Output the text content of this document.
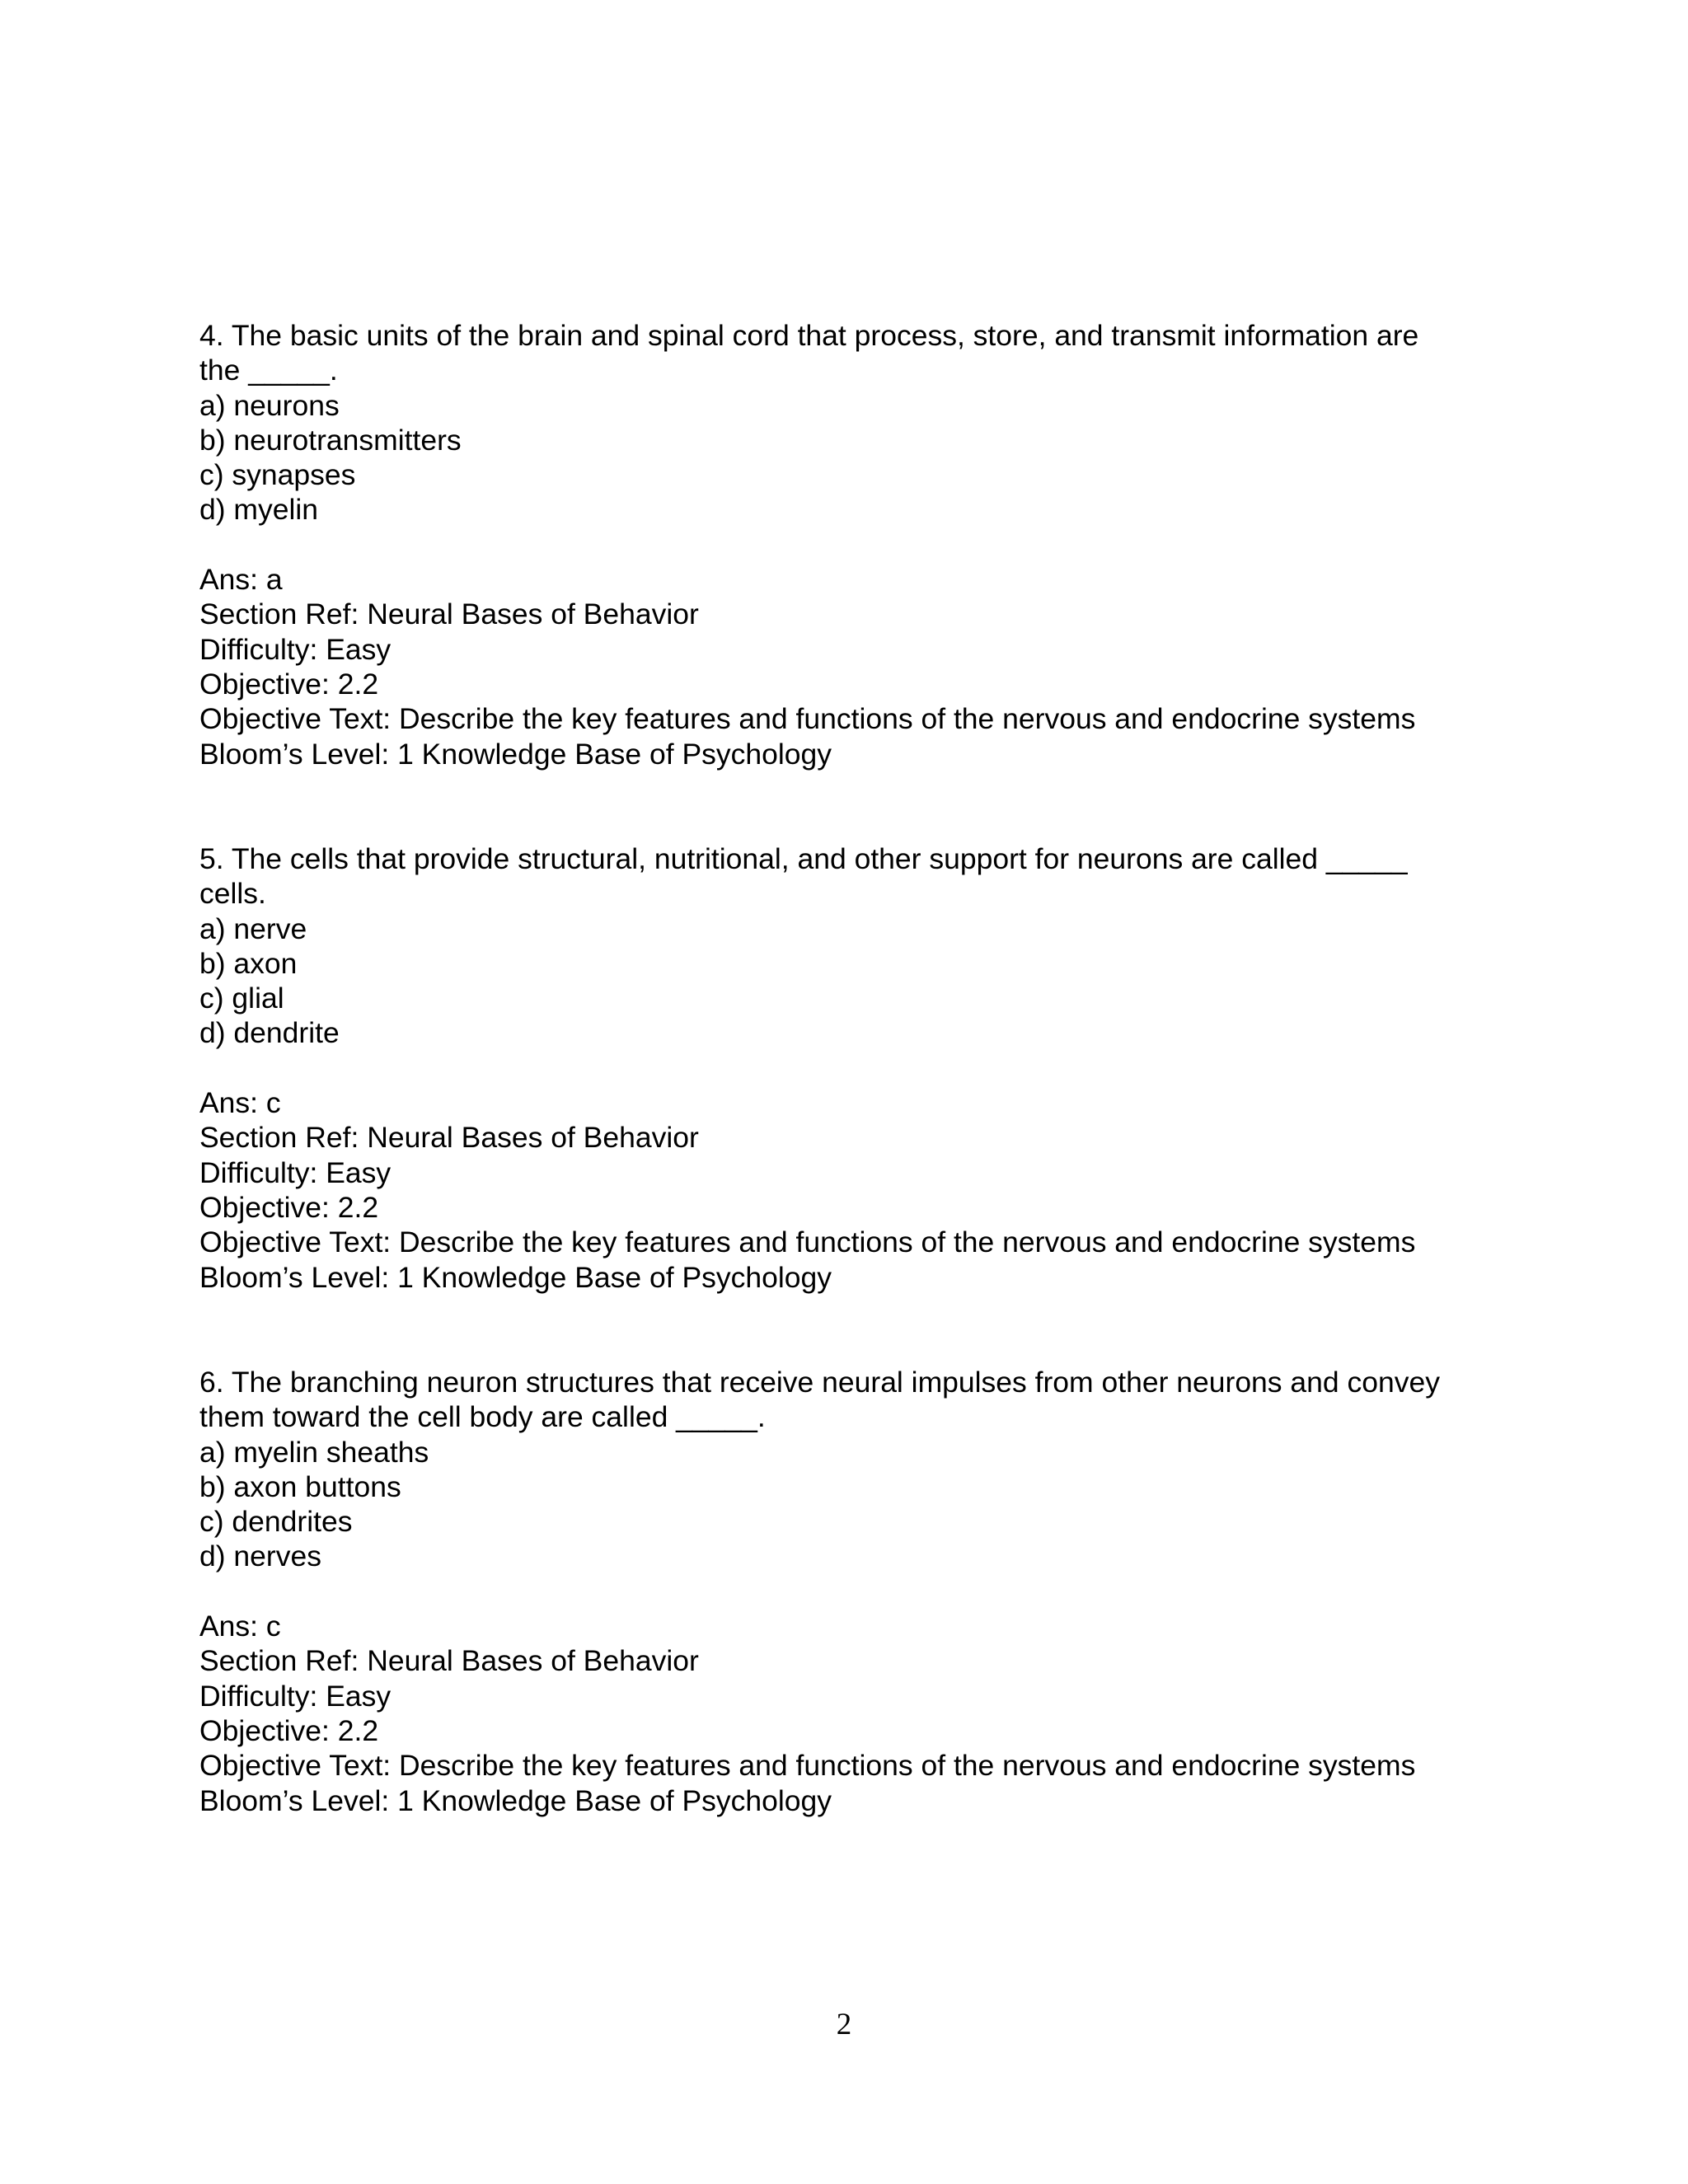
4. The basic units of the brain and spinal cord that process, store, and transmit information are
the _____.
a) neurons
b) neurotransmitters
c) synapses
d) myelin
Ans: a
Section Ref: Neural Bases of Behavior
Difficulty: Easy
Objective: 2.2
Objective Text: Describe the key features and functions of the nervous and endocrine systems
Bloom’s Level: 1 Knowledge Base of Psychology
5. The cells that provide structural, nutritional, and other support for neurons are called _____
cells.
a) nerve
b) axon
c) glial
d) dendrite
Ans: c
Section Ref: Neural Bases of Behavior
Difficulty: Easy
Objective: 2.2
Objective Text: Describe the key features and functions of the nervous and endocrine systems
Bloom’s Level: 1 Knowledge Base of Psychology
6. The branching neuron structures that receive neural impulses from other neurons and convey
them toward the cell body are called _____.
a) myelin sheaths
b) axon buttons
c) dendrites
d) nerves
Ans: c
Section Ref: Neural Bases of Behavior
Difficulty: Easy
Objective: 2.2
Objective Text: Describe the key features and functions of the nervous and endocrine systems
Bloom’s Level: 1 Knowledge Base of Psychology
2
